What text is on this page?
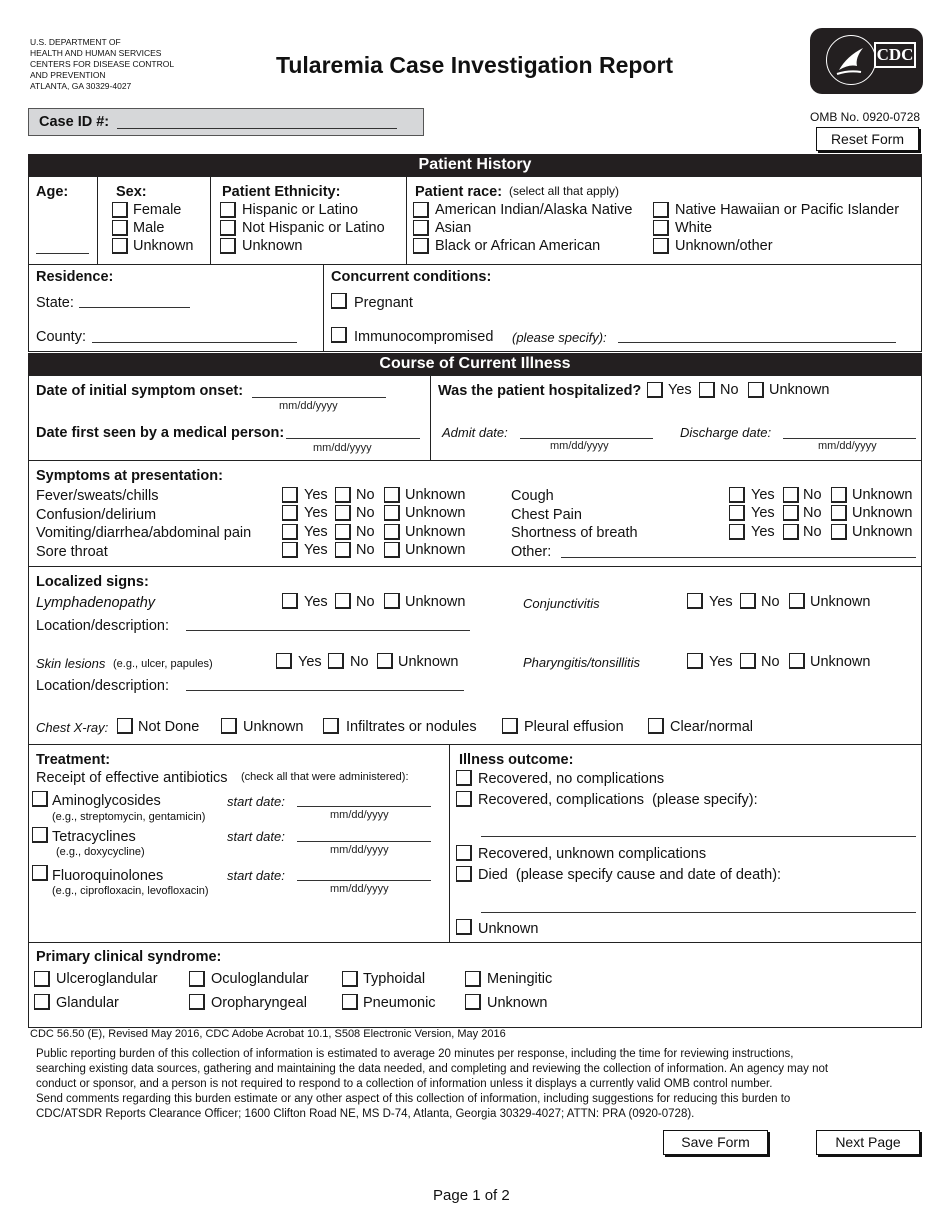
U.S. DEPARTMENT OF
HEALTH AND HUMAN SERVICES
CENTERS FOR DISEASE CONTROL
AND PREVENTION
ATLANTA, GA 30329-4027
Tularemia Case Investigation Report	CDC
Case ID #:	OMB No. 0920-0728
Reset Form
Patient History
Age:	Sex:
Female
Male
Unknown
Patient Ethnicity:
Hispanic or Latino
Not Hispanic or Latino
Unknown
Patient race: (select all that apply)
American Indian/Alaska Native
Asian
Black or African American
Native Hawaiian or Pacific Islander
White
Unknown/other
Residence:
State:
County:
Concurrent conditions:
Pregnant
Immunocompromised (please specify):
Course of Current Illness
Date of initial symptom onset:
mm/dd/yyyy
Date first seen by a medical person:
mm/dd/yyyy
Was the patient hospitalized? Yes No Unknown
Admit date:
mm/dd/yyyy
Discharge date:
mm/dd/yyyy
Symptoms at presentation:
Fever/sweats/chills	Yes No Unknown
Confusion/delirium	Yes No Unknown
Vomiting/diarrhea/abdominal pain	Yes No Unknown
Sore throat	Yes No Unknown
Cough	Yes No Unknown
Chest Pain	Yes No Unknown
Shortness of breath	Yes No Unknown
Other:
Localized signs:
Lymphadenopathy	Yes No Unknown
Location/description:
Conjunctivitis	Yes No Unknown
Skin lesions (e.g., ulcer, papules)	Yes No Unknown
Location/description:
Pharyngitis/tonsillitis	Yes No Unknown
Chest X-ray: Not Done	Unknown	Infiltrates or nodules	Pleural effusion	Clear/normal
Treatment:
Receipt of effective antibiotics (check all that were administered):
Aminoglycosides
(e.g., streptomycin, gentamicin)
start date:
mm/dd/yyyy
Tetracyclines
(e.g., doxycycline)
start date:
mm/dd/yyyy
Fluoroquinolones
(e.g., ciprofloxacin, levofloxacin)
start date:
mm/dd/yyyy
Illness outcome:
Recovered, no complications
Recovered, complications  (please specify):
Recovered, unknown complications
Died  (please specify cause and date of death):
Unknown
Primary clinical syndrome:
Ulceroglandular	Oculoglandular	Typhoidal	Meningitic
Glandular	Oropharyngeal	Pneumonic	Unknown
CDC 56.50 (E), Revised May 2016, CDC Adobe Acrobat 10.1, S508 Electronic Version, May 2016
Public reporting burden of this collection of information is estimated to average 20 minutes per response, including the time for reviewing instructions,
searching existing data sources, gathering and maintaining the data needed, and completing and reviewing the collection of information. An agency may not
conduct or sponsor, and a person is not required to respond to a collection of information unless it displays a currently valid OMB control number.
Send comments regarding this burden estimate or any other aspect of this collection of information, including suggestions for reducing this burden to
CDC/ATSDR Reports Clearance Officer; 1600 Clifton Road NE, MS D-74, Atlanta, Georgia 30329-4027; ATTN: PRA (0920-0728).
Save Form	Next Page
Page 1 of 2
